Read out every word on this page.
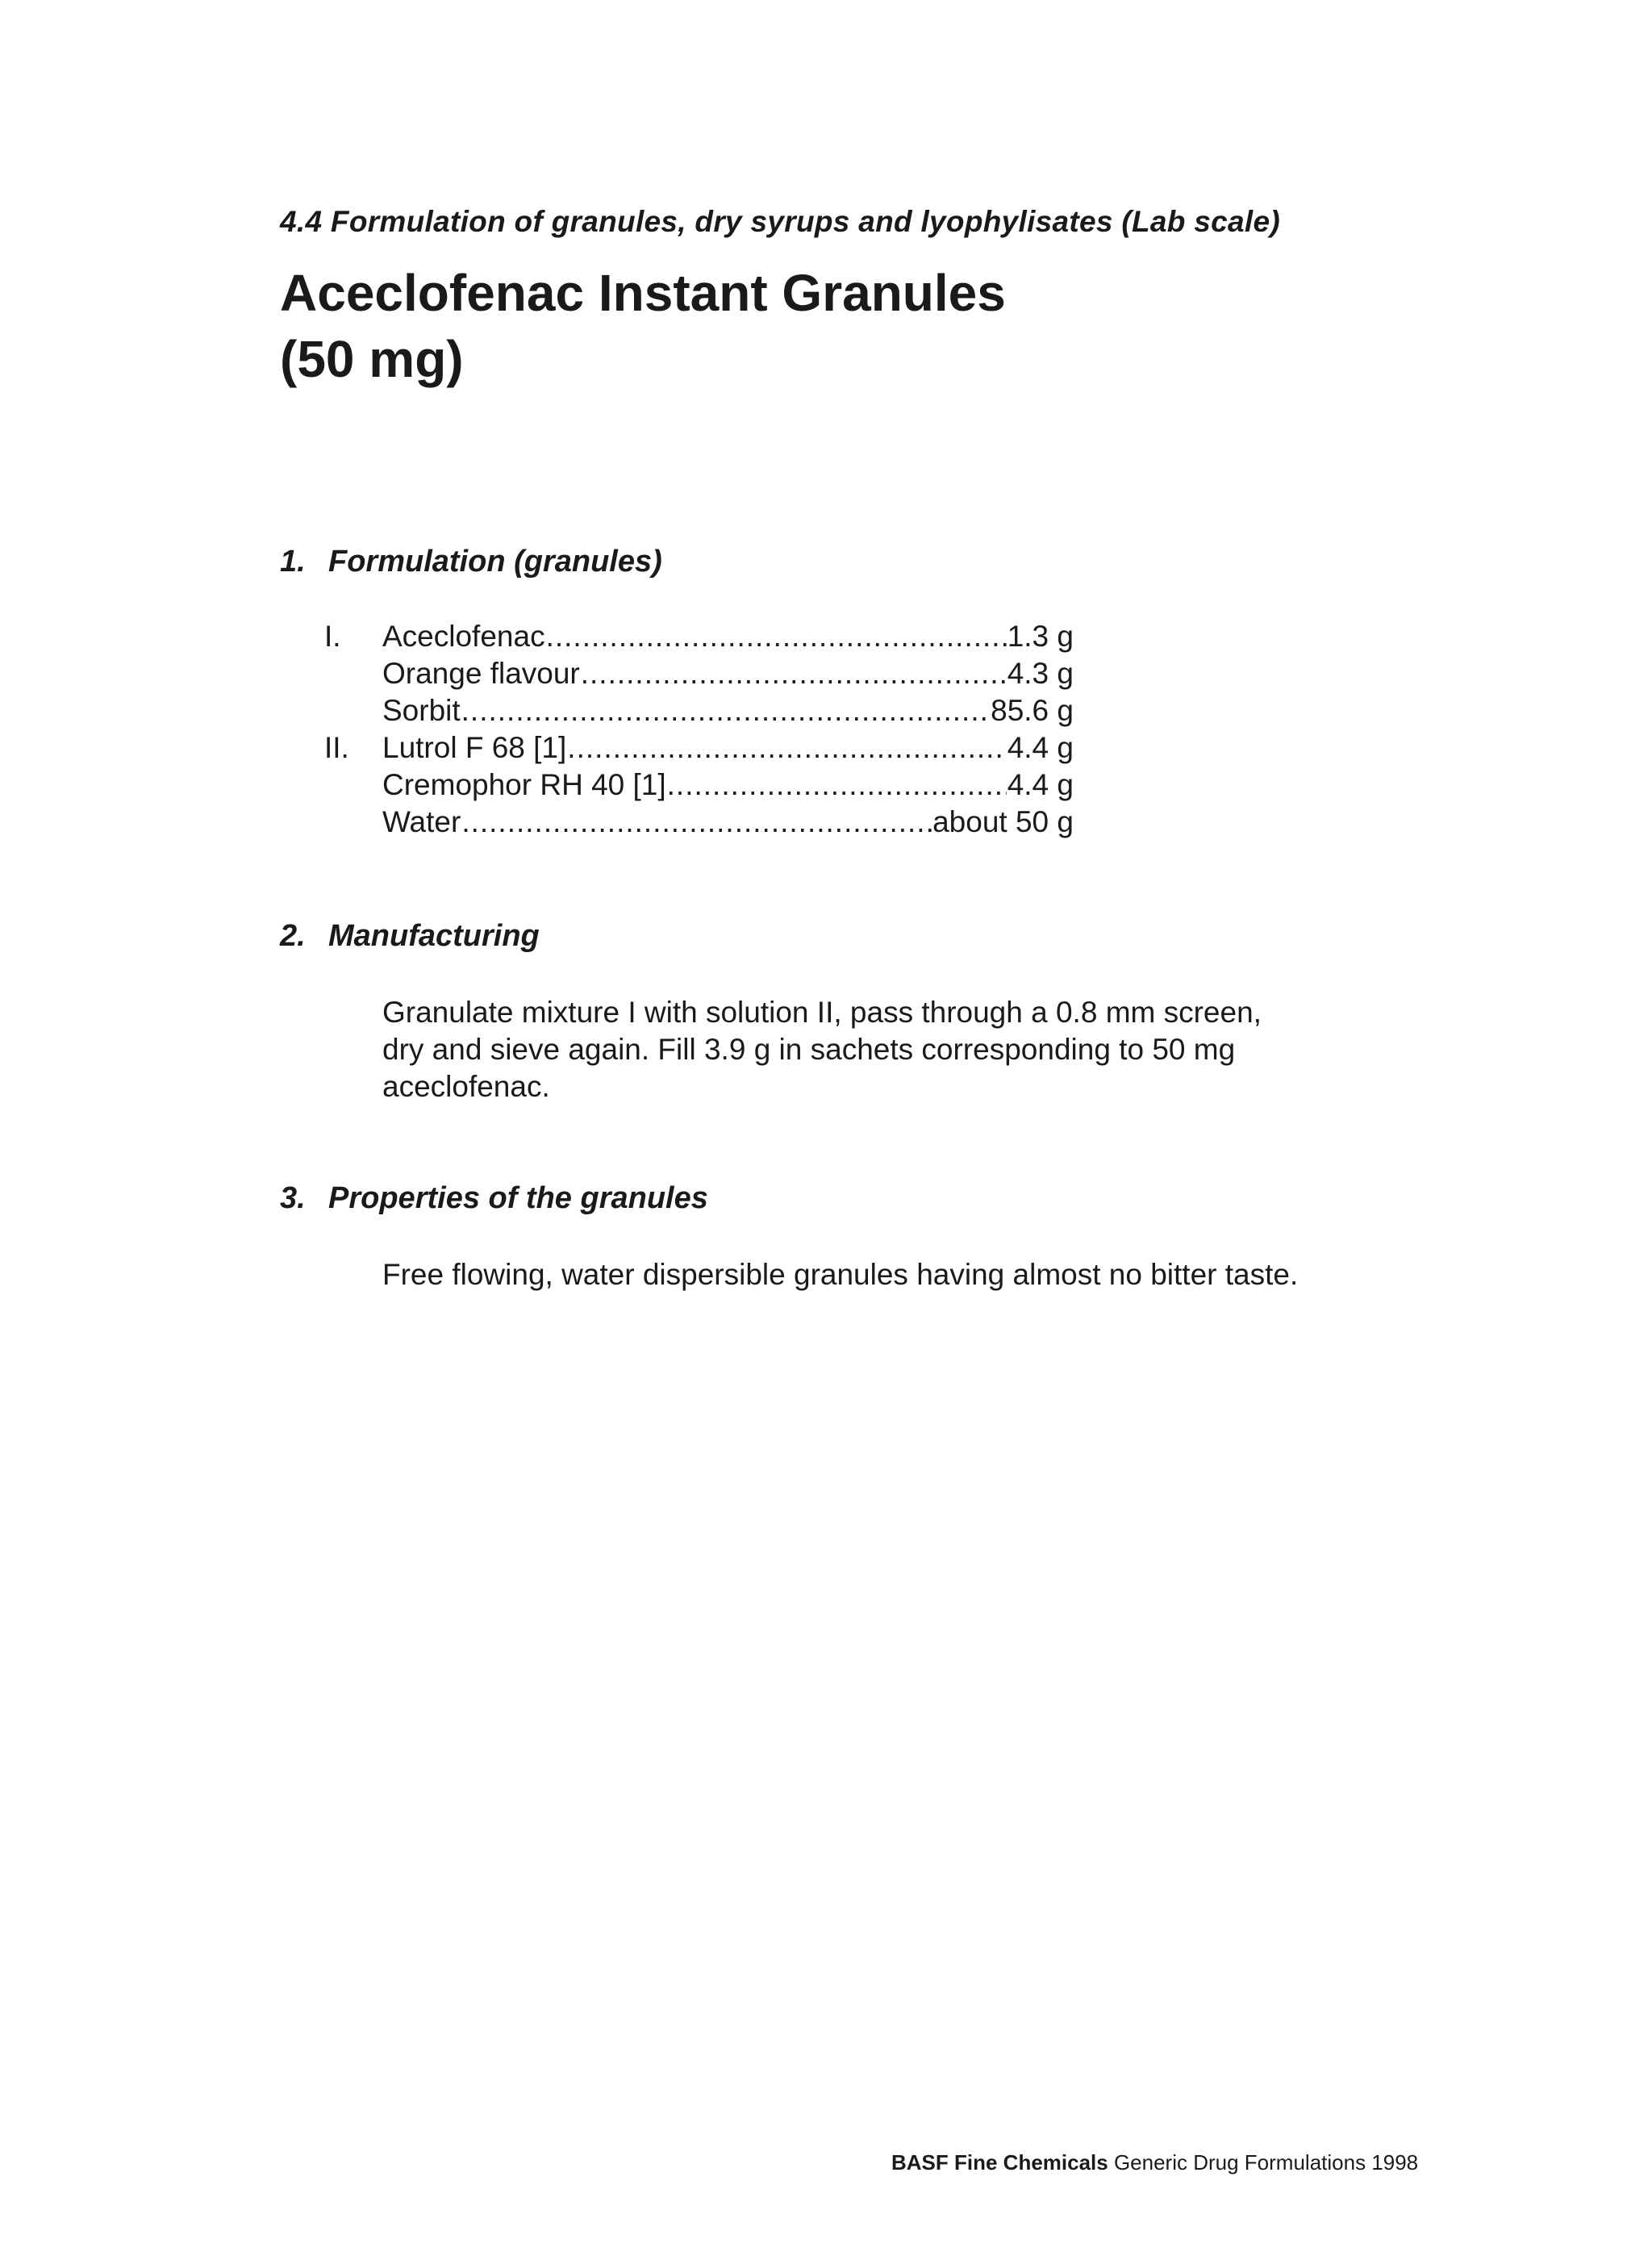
4.4 Formulation of granules, dry syrups and lyophylisates (Lab scale)
Aceclofenac Instant Granules
(50 mg)
1. Formulation (granules)
I. Aceclofenac .....	1.3 g
Orange flavour .....	4.3 g
Sorbit .....	85.6 g
II. Lutrol F 68 [1] .....	4.4 g
Cremophor RH 40 [1] .....	4.4 g
Water .....	about 50 g
2. Manufacturing
Granulate mixture I with solution II, pass through a 0.8 mm screen,
dry and sieve again. Fill 3.9 g in sachets corresponding to 50 mg
aceclofenac.
3. Properties of the granules
Free flowing, water dispersible granules having almost no bitter taste.
BASF Fine Chemicals Generic Drug Formulations 1998
